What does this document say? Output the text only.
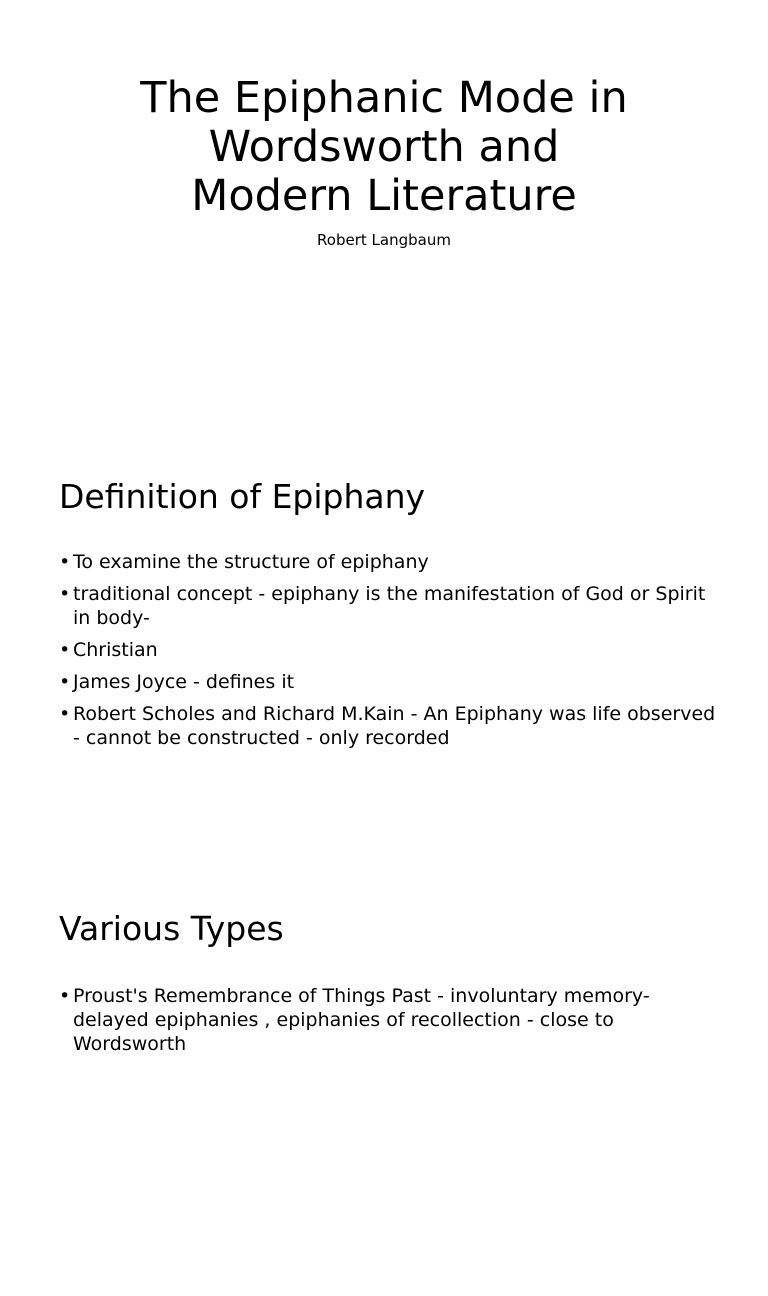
The Epiphanic Mode in
Wordsworth and
Modern Literature
Robert Langbaum
Definition of Epiphany
• To examine the structure of epiphany
• traditional concept - epiphany is the manifestation of God or Spirit in body-
• Christian
• James Joyce - defines it
• Robert Scholes and Richard M.Kain - An Epiphany was life observed - cannot be constructed - only recorded
Various Types
• Proust's Remembrance of Things Past - involuntary memory- delayed epiphanies , epiphanies of recollection - close to Wordsworth
